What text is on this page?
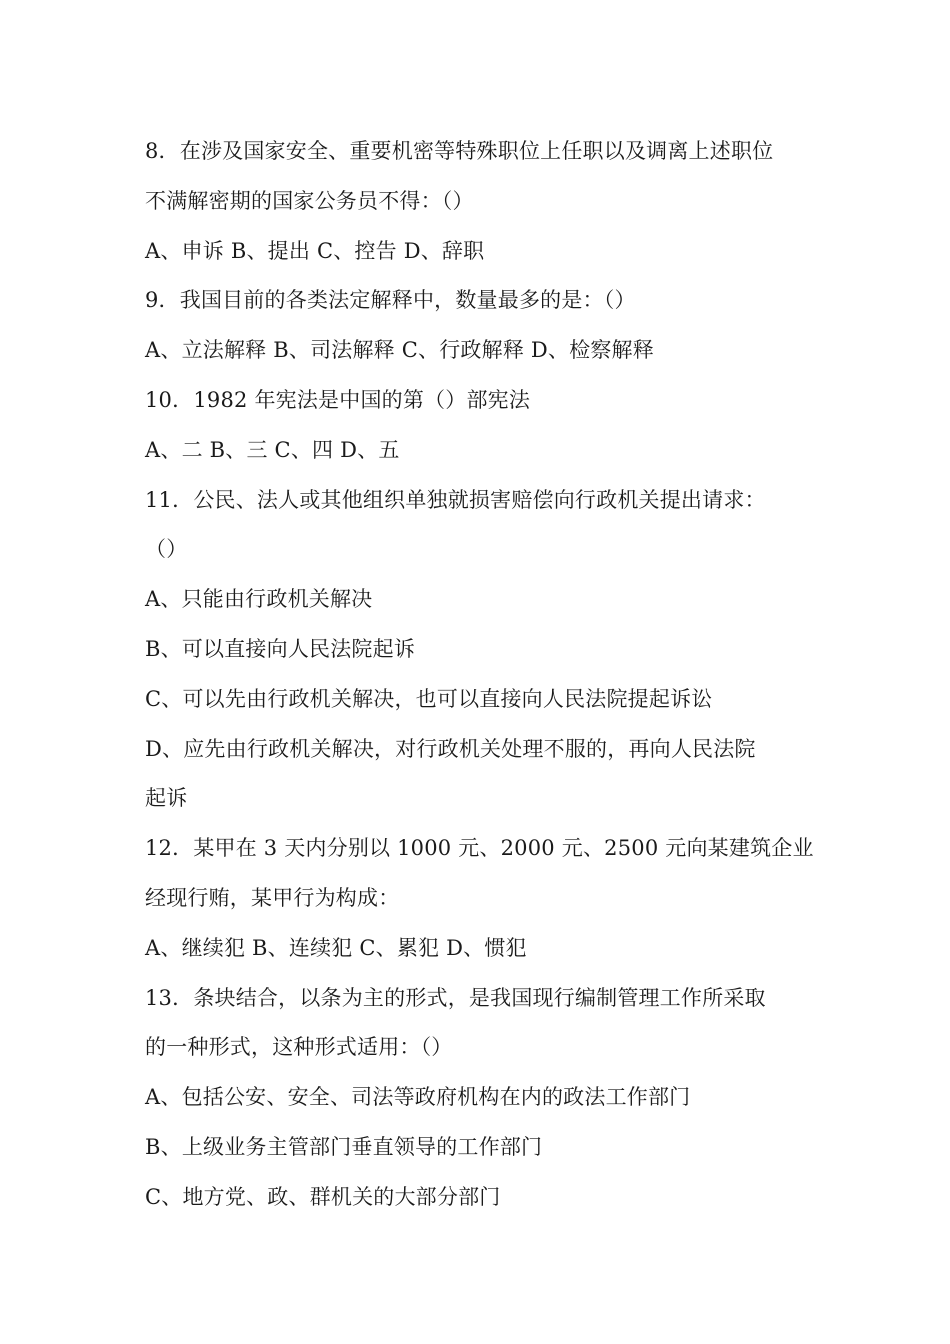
8．在涉及国家安全、重要机密等特殊职位上任职以及调离上述职位
不满解密期的国家公务员不得：（）
A、申诉 B、提出 C、控告 D、辞职
9．我国目前的各类法定解释中，数量最多的是：（）
A、立法解释 B、司法解释 C、行政解释 D、检察解释
10．1982 年宪法是中国的第（）部宪法
A、二 B、三 C、四 D、五
11．公民、法人或其他组织单独就损害赔偿向行政机关提出请求：
（）
A、只能由行政机关解决
B、可以直接向人民法院起诉
C、可以先由行政机关解决，也可以直接向人民法院提起诉讼
D、应先由行政机关解决，对行政机关处理不服的，再向人民法院
起诉
12．某甲在 3 天内分别以 1000 元、2000 元、2500 元向某建筑企业
经现行贿，某甲行为构成：
A、继续犯 B、连续犯 C、累犯 D、惯犯
13．条块结合，以条为主的形式，是我国现行编制管理工作所采取
的一种形式，这种形式适用：（）
A、包括公安、安全、司法等政府机构在内的政法工作部门
B、上级业务主管部门垂直领导的工作部门
C、地方党、政、群机关的大部分部门
